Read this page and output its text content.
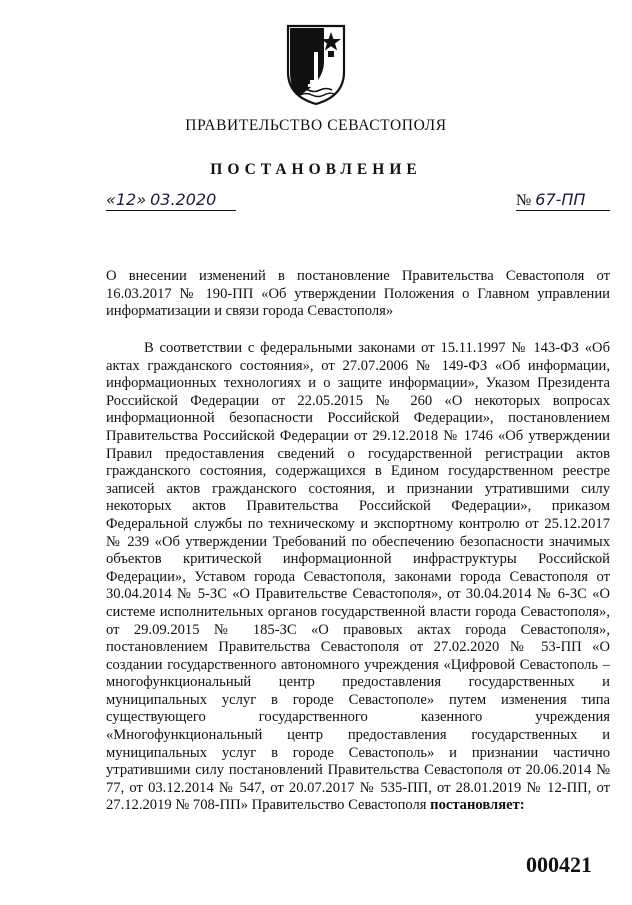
ПРАВИТЕЛЬСТВО СЕВАСТОПОЛЯ
ПОСТАНОВЛЕНИЕ
«12» 03.2020	№ 67-ПП
О внесении изменений в постановление Правительства Севастополя от 16.03.2017 № 190-ПП «Об утверждении Положения о Главном управлении информатизации и связи города Севастополя»
В соответствии с федеральными законами от 15.11.1997 № 143-ФЗ «Об актах гражданского состояния», от 27.07.2006 № 149-ФЗ «Об информации, информационных технологиях и о защите информации», Указом Президента Российской Федерации от 22.05.2015 № 260 «О некоторых вопросах информационной безопасности Российской Федерации», постановлением Правительства Российской Федерации от 29.12.2018 № 1746 «Об утверждении Правил предоставления сведений о государственной регистрации актов гражданского состояния, содержащихся в Едином государственном реестре записей актов гражданского состояния, и признании утратившими силу некоторых актов Правительства Российской Федерации», приказом Федеральной службы по техническому и экспортному контролю от 25.12.2017 № 239 «Об утверждении Требований по обеспечению безопасности значимых объектов критической информационной инфраструктуры Российской Федерации», Уставом города Севастополя, законами города Севастополя от 30.04.2014 № 5-ЗС «О Правительстве Севастополя», от 30.04.2014 № 6-ЗС «О системе исполнительных органов государственной власти города Севастополя», от 29.09.2015 № 185-ЗС «О правовых актах города Севастополя», постановлением Правительства Севастополя от 27.02.2020 № 53-ПП «О создании государственного автономного учреждения «Цифровой Севастополь – многофункциональный центр предоставления государственных и муниципальных услуг в городе Севастополе» путем изменения типа существующего государственного казенного учреждения «Многофункциональный центр предоставления государственных и муниципальных услуг в городе Севастополь» и признании частично утратившими силу постановлений Правительства Севастополя от 20.06.2014 № 77, от 03.12.2014 № 547, от 20.07.2017 № 535-ПП, от 28.01.2019 № 12-ПП, от 27.12.2019 № 708-ПП» Правительство Севастополя постановляет:
000421
